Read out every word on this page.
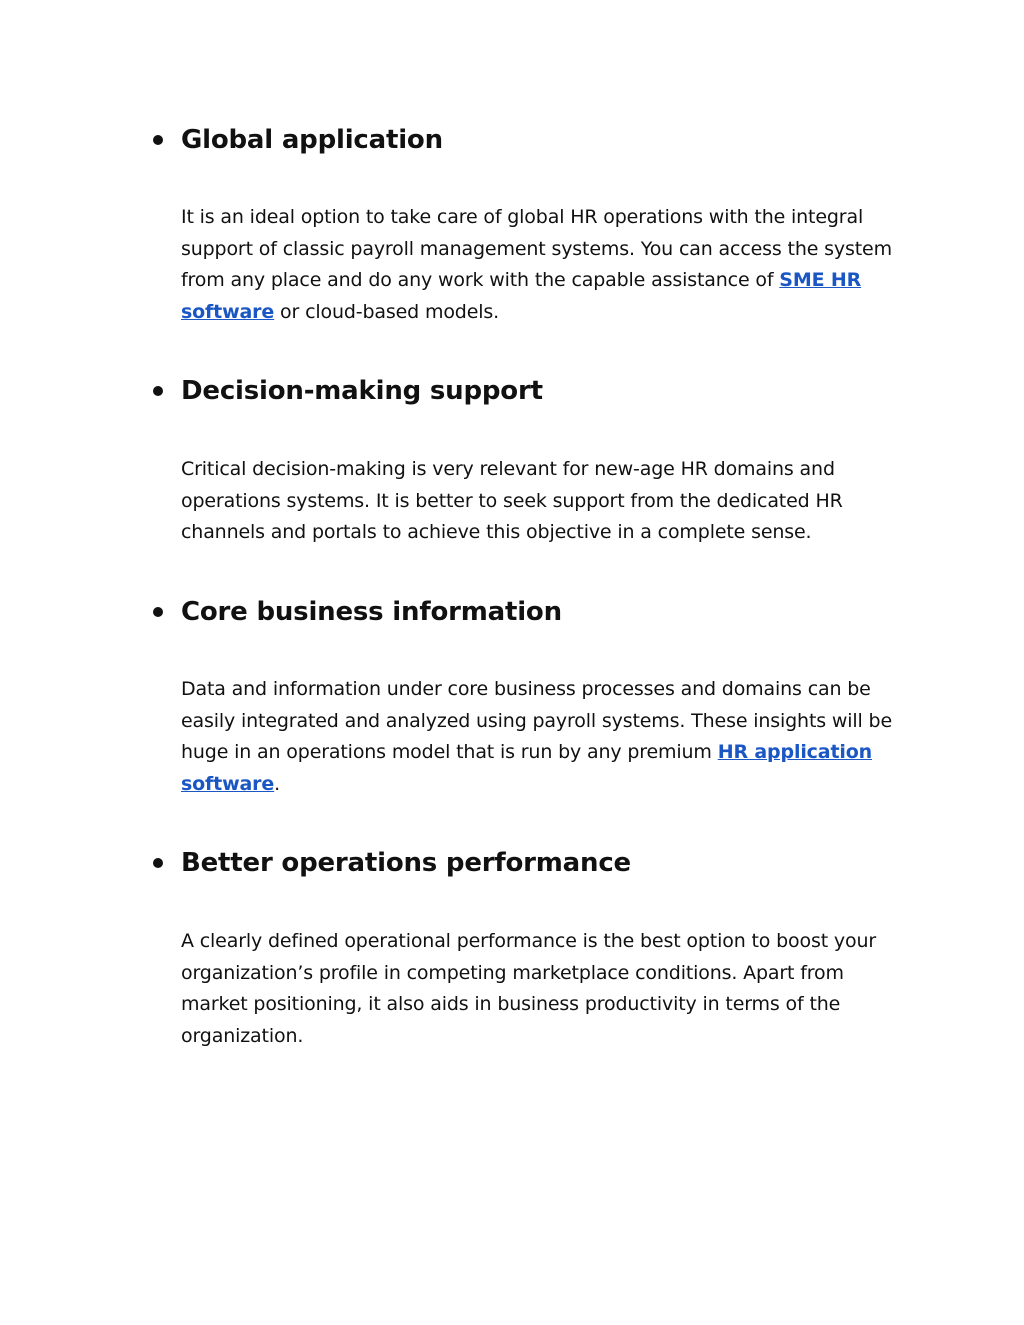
Global application
It is an ideal option to take care of global HR operations with the integral support of classic payroll management systems. You can access the system from any place and do any work with the capable assistance of SME HR software or cloud-based models.
Decision-making support
Critical decision-making is very relevant for new-age HR domains and operations systems. It is better to seek support from the dedicated HR channels and portals to achieve this objective in a complete sense.
Core business information
Data and information under core business processes and domains can be easily integrated and analyzed using payroll systems. These insights will be huge in an operations model that is run by any premium HR application software.
Better operations performance
A clearly defined operational performance is the best option to boost your organization’s profile in competing marketplace conditions. Apart from market positioning, it also aids in business productivity in terms of the organization.
